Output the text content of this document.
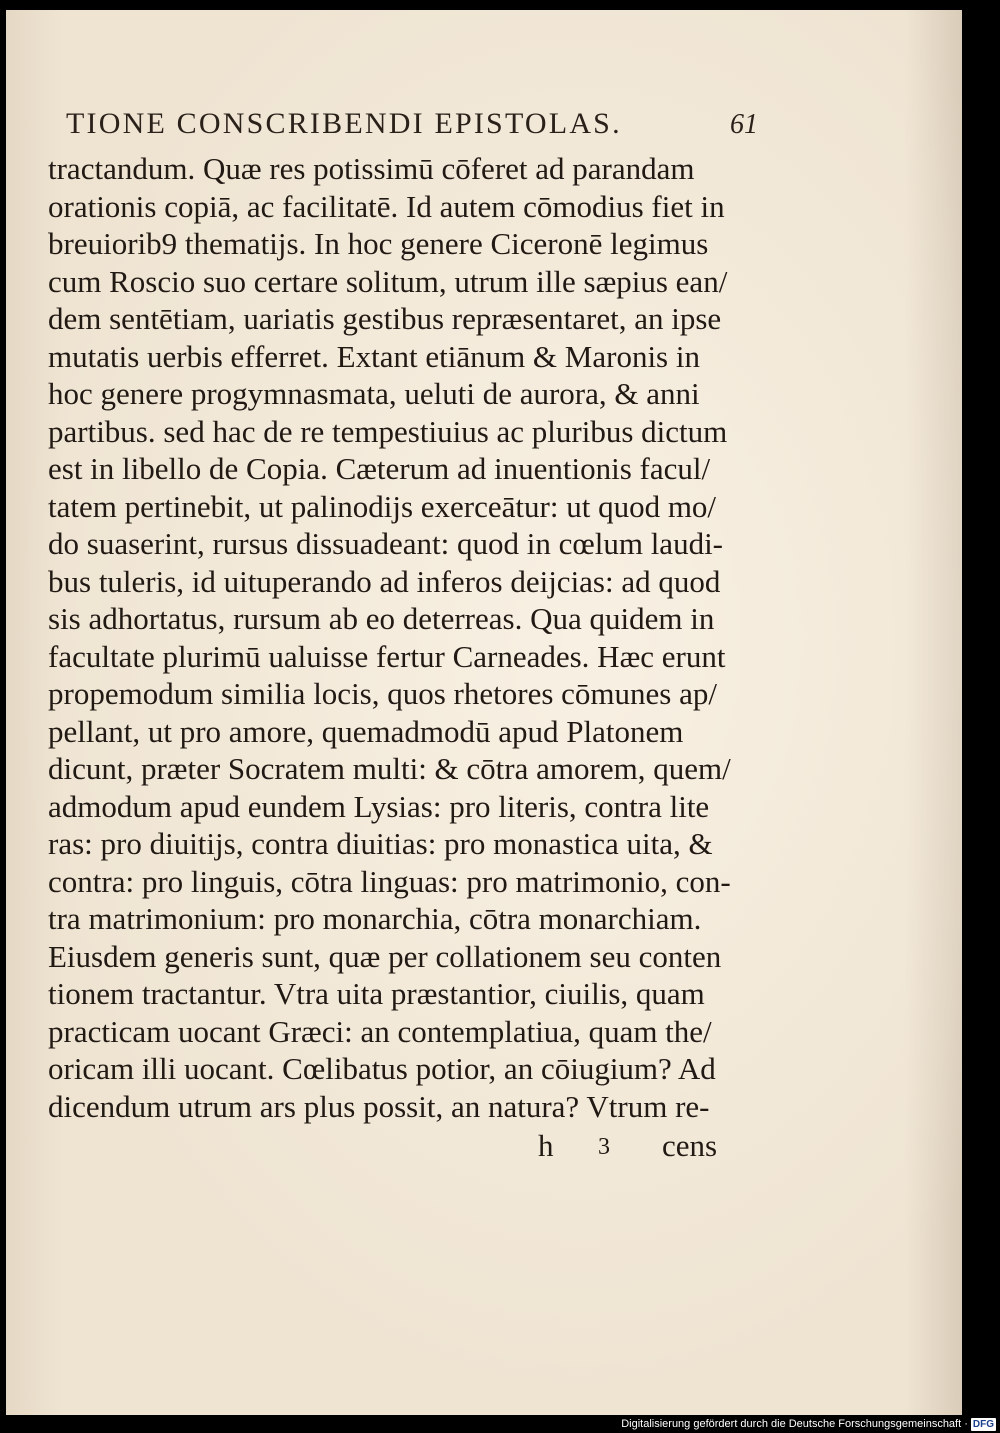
TIONE CONSCRIBENDI EPISTOLAS.	61
tractandum. Quæ res potissimū cōferet ad parandam
orationis copiā, ac facilitatē. Id autem cōmodius fiet in
breuiorib9 thematijs. In hoc genere Ciceronē legimus
cum Roscio suo certare solitum, utrum ille sæpius ean/
dem sentētiam, uariatis gestibus repræsentaret, an ipse
mutatis uerbis efferret. Extant etiānum & Maronis in
hoc genere progymnasmata, ueluti de aurora, & anni
partibus. sed hac de re tempestiuius ac pluribus dictum
est in libello de Copia. Cæterum ad inuentionis facul/
tatem pertinebit, ut palinodijs exerceātur: ut quod mo/
do suaserint, rursus dissuadeant: quod in cœlum laudi-
bus tuleris, id uituperando ad inferos deijcias: ad quod
sis adhortatus, rursum ab eo deterreas. Qua quidem in
facultate plurimū ualuisse fertur Carneades. Hæc erunt
propemodum similia locis, quos rhetores cōmunes ap/
pellant, ut pro amore, quemadmodū apud Platonem
dicunt, præter Socratem multi: & cōtra amorem, quem/
admodum apud eundem Lysias: pro literis, contra lite
ras: pro diuitijs, contra diuitias: pro monastica uita, &
contra: pro linguis, cōtra linguas: pro matrimonio, con-
tra matrimonium: pro monarchia, cōtra monarchiam.
Eiusdem generis sunt, quæ per collationem seu conten
tionem tractantur. Vtra uita præstantior, ciuilis, quam
practicam uocant Græci: an contemplatiua, quam the/
oricam illi uocant. Cœlibatus potior, an cōiugium? Ad
dicendum utrum ars plus possit, an natura? Vtrum re-
h 3 cens
Digitalisierung gefördert durch die Deutsche Forschungsgemeinschaft · DFG
